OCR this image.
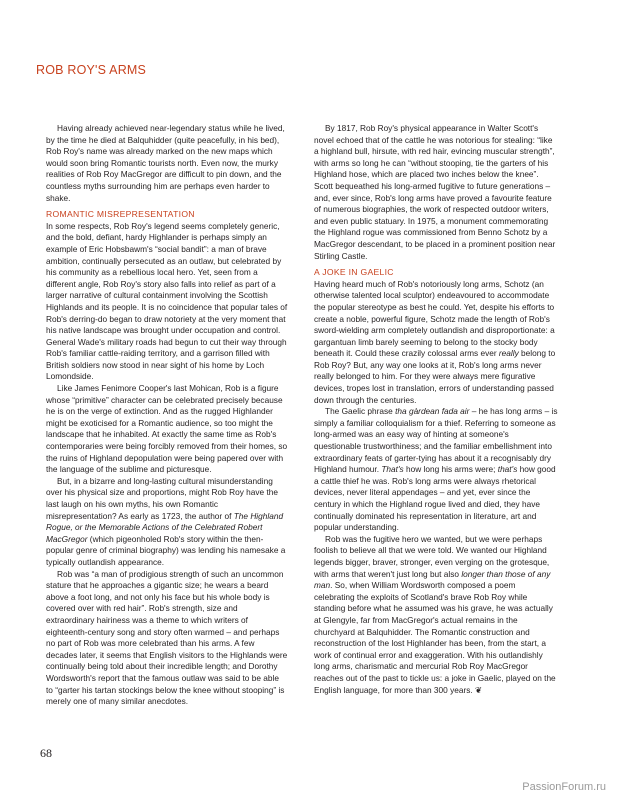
ROB ROY'S ARMS

Having already achieved near-legendary status while he lived, by the time he died at Balquhidder (quite peacefully, in his bed), Rob Roy's name was already marked on the new maps which would soon bring Romantic tourists north. Even now, the murky realities of Rob Roy MacGregor are difficult to pin down, and the countless myths surrounding him are perhaps even harder to shake.

ROMANTIC MISREPRESENTATION

In some respects, Rob Roy's legend seems completely generic, and the bold, defiant, hardy Highlander is perhaps simply an example of Eric Hobsbawm's “social bandit”: a man of brave ambition, continually persecuted as an outlaw, but celebrated by his community as a rebellious local hero. Yet, seen from a different angle, Rob Roy's story also falls into relief as part of a larger narrative of cultural containment involving the Scottish Highlands and its people. It is no coincidence that popular tales of Rob's derring-do began to draw notoriety at the very moment that his native landscape was brought under occupation and control. General Wade's military roads had begun to cut their way through Rob's familiar cattle-raiding territory, and a garrison filled with British soldiers now stood in near sight of his home by Loch Lomondside.

Like James Fenimore Cooper's last Mohican, Rob is a figure whose “primitive” character can be celebrated precisely because he is on the verge of extinction. And as the rugged Highlander might be exoticised for a Romantic audience, so too might the landscape that he inhabited. At exactly the same time as Rob's contemporaries were being forcibly removed from their homes, so the ruins of Highland depopulation were being papered over with the language of the sublime and picturesque.

But, in a bizarre and long-lasting cultural misunderstanding over his physical size and proportions, might Rob Roy have the last laugh on his own myths, his own Romantic misrepresentation? As early as 1723, the author of The Highland Rogue, or the Memorable Actions of the Celebrated Robert MacGregor (which pigeonholed Rob's story within the then-popular genre of criminal biography) was lending his namesake a typically outlandish appearance.

Rob was “a man of prodigious strength of such an uncommon stature that he approaches a gigantic size; he wears a beard above a foot long, and not only his face but his whole body is covered over with red hair”. Rob's strength, size and extraordinary hairiness was a theme to which writers of eighteenth-century song and story often warmed – and perhaps no part of Rob was more celebrated than his arms. A few decades later, it seems that English visitors to the Highlands were continually being told about their incredible length; and Dorothy Wordsworth's report that the famous outlaw was said to be able to “garter his tartan stockings below the knee without stooping” is merely one of many similar anecdotes.

By 1817, Rob Roy's physical appearance in Walter Scott's novel echoed that of the cattle he was notorious for stealing: “like a highland bull, hirsute, with red hair, evincing muscular strength”, with arms so long he can “without stooping, tie the garters of his Highland hose, which are placed two inches below the knee”. Scott bequeathed his long-armed fugitive to future generations – and, ever since, Rob's long arms have proved a favourite feature of numerous biographies, the work of respected outdoor writers, and even public statuary. In 1975, a monument commemorating the Highland rogue was commissioned from Benno Schotz by a MacGregor descendant, to be placed in a prominent position near Stirling Castle.

A JOKE IN GAELIC

Having heard much of Rob's notoriously long arms, Schotz (an otherwise talented local sculptor) endeavoured to accommodate the popular stereotype as best he could. Yet, despite his efforts to create a noble, powerful figure, Schotz made the length of Rob's sword-wielding arm completely outlandish and disproportionate: a gargantuan limb barely seeming to belong to the stocky body beneath it. Could these crazily colossal arms ever really belong to Rob Roy? But, any way one looks at it, Rob's long arms never really belonged to him. For they were always mere figurative devices, tropes lost in translation, errors of understanding passed down through the centuries.

The Gaelic phrase tha gàrdean fada air – he has long arms – is simply a familiar colloquialism for a thief. Referring to someone as long-armed was an easy way of hinting at someone's questionable trustworthiness; and the familiar embellishment into extraordinary feats of garter-tying has about it a recognisably dry Highland humour. That's how long his arms were; that's how good a cattle thief he was. Rob's long arms were always rhetorical devices, never literal appendages – and yet, ever since the century in which the Highland rogue lived and died, they have continually dominated his representation in literature, art and popular understanding.

Rob was the fugitive hero we wanted, but we were perhaps foolish to believe all that we were told. We wanted our Highland legends bigger, braver, stronger, even verging on the grotesque, with arms that weren't just long but also longer than those of any man. So, when William Wordsworth composed a poem celebrating the exploits of Scotland's brave Rob Roy while standing before what he assumed was his grave, he was actually at Glengyle, far from MacGregor's actual remains in the churchyard at Balquhidder. The Romantic construction and reconstruction of the lost Highlander has been, from the start, a work of continual error and exaggeration. With his outlandishly long arms, charismatic and mercurial Rob Roy MacGregor reaches out of the past to tickle us: a joke in Gaelic, played on the English language, for more than 300 years. ❦

68
PassionForum.ru
